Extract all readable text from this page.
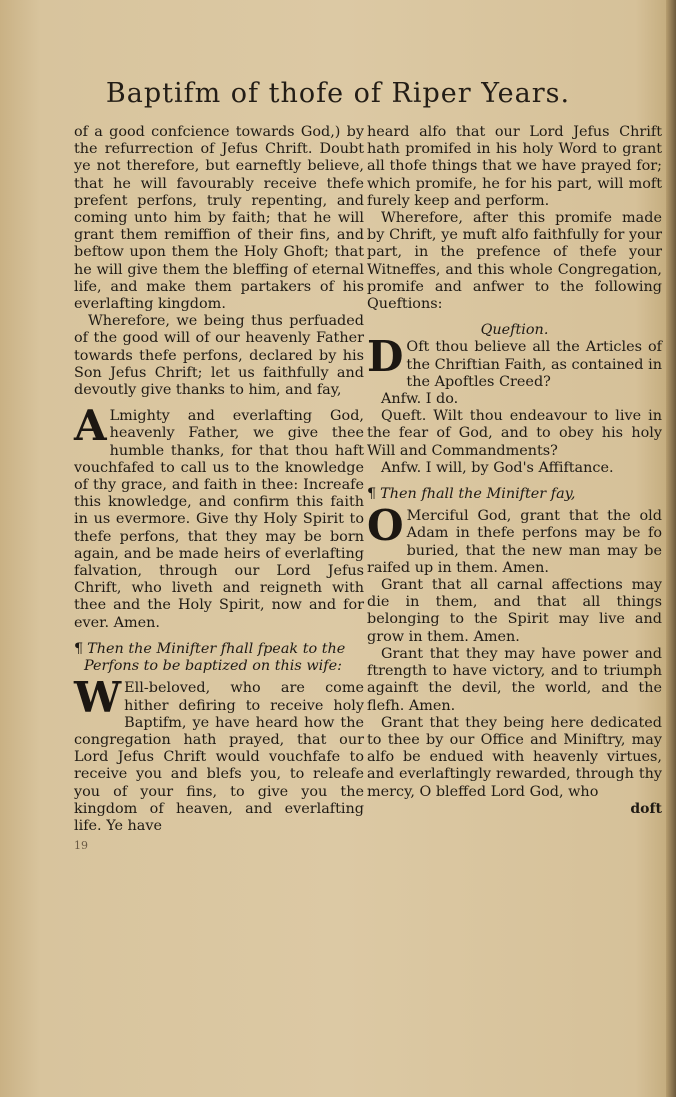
Baptifm of thofe of Riper Years.

of a good confcience towards God,) by the refurrection of Jefus Chrift. Doubt ye not therefore, but earneftly believe, that he will favourably receive thefe prefent perfons, truly repenting, and coming unto him by faith; that he will grant them remiffion of their fins, and beftow upon them the Holy Ghoft; that he will give them the bleffing of eternal life, and make them partakers of his everlafting kingdom.

Wherefore, we being thus perfuaded of the good will of our heavenly Father towards thefe perfons, declared by his Son Jefus Chrift; let us faithfully and devoutly give thanks to him, and fay,

A Lmighty and everlafting God, heavenly Father, we give thee humble thanks, for that thou haft vouchfafed to call us to the knowledge of thy grace, and faith in thee: Increafe this knowledge, and confirm this faith in us evermore. Give thy Holy Spirit to thefe perfons, that they may be born again, and be made heirs of everlafting falvation, through our Lord Jefus Chrift, who liveth and reigneth with thee and the Holy Spirit, now and for ever. Amen.

¶ Then the Minifter fhall fpeak to the Perfons to be baptized on this wife:

W Ell-beloved, who are come hither defiring to receive holy Baptifm, ye have heard how the congregation hath prayed, that our Lord Jefus Chrift would vouchfafe to receive you and blefs you, to releafe you of your fins, to give you the kingdom of heaven, and everlafting life. Ye have

19

heard alfo that our Lord Jefus Chrift hath promifed in his holy Word to grant all thofe things that we have prayed for; which promife, he for his part, will moft furely keep and perform.

Wherefore, after this promife made by Chrift, ye muft alfo faithfully for your part, in the prefence of thefe your Witneffes, and this whole Congregation, promife and anfwer to the following Queftions:

Queftion.

D Oft thou believe all the Articles of the Chriftian Faith, as contained in the Apoftles Creed?

Anfw. I do.

Queft. Wilt thou endeavour to live in the fear of God, and to obey his holy Will and Commandments?

Anfw. I will, by God's Affiftance.

¶ Then fhall the Minifter fay,

O Merciful God, grant that the old Adam in thefe perfons may be fo buried, that the new man may be raifed up in them. Amen.

Grant that all carnal affections may die in them, and that all things belonging to the Spirit may live and grow in them. Amen.

Grant that they may have power and ftrength to have victory, and to triumph againft the devil, the world, and the flefh. Amen.

Grant that they being here dedicated to thee by our Office and Miniftry, may alfo be endued with heavenly virtues, and everlaftingly rewarded, through thy mercy, O bleffed Lord God, who

doft
